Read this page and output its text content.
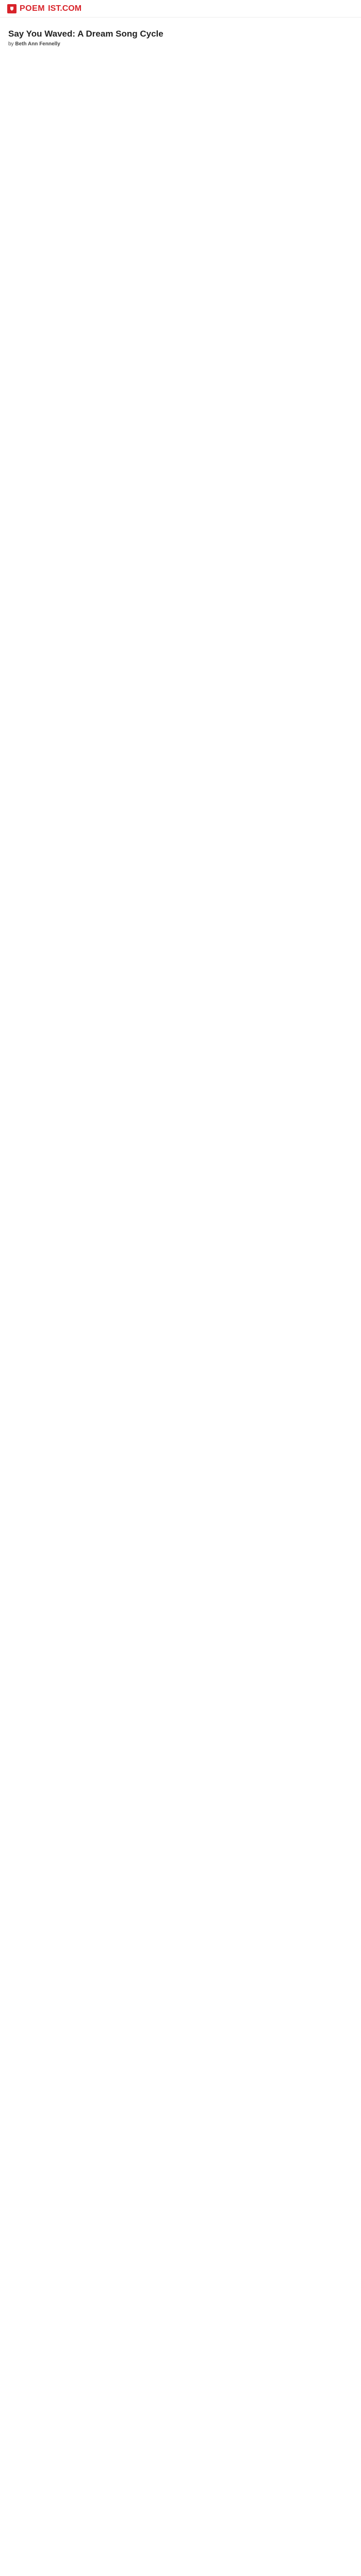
POEM IST.COM
Say You Waved: A Dream Song Cycle
by Beth Ann Fennelly
